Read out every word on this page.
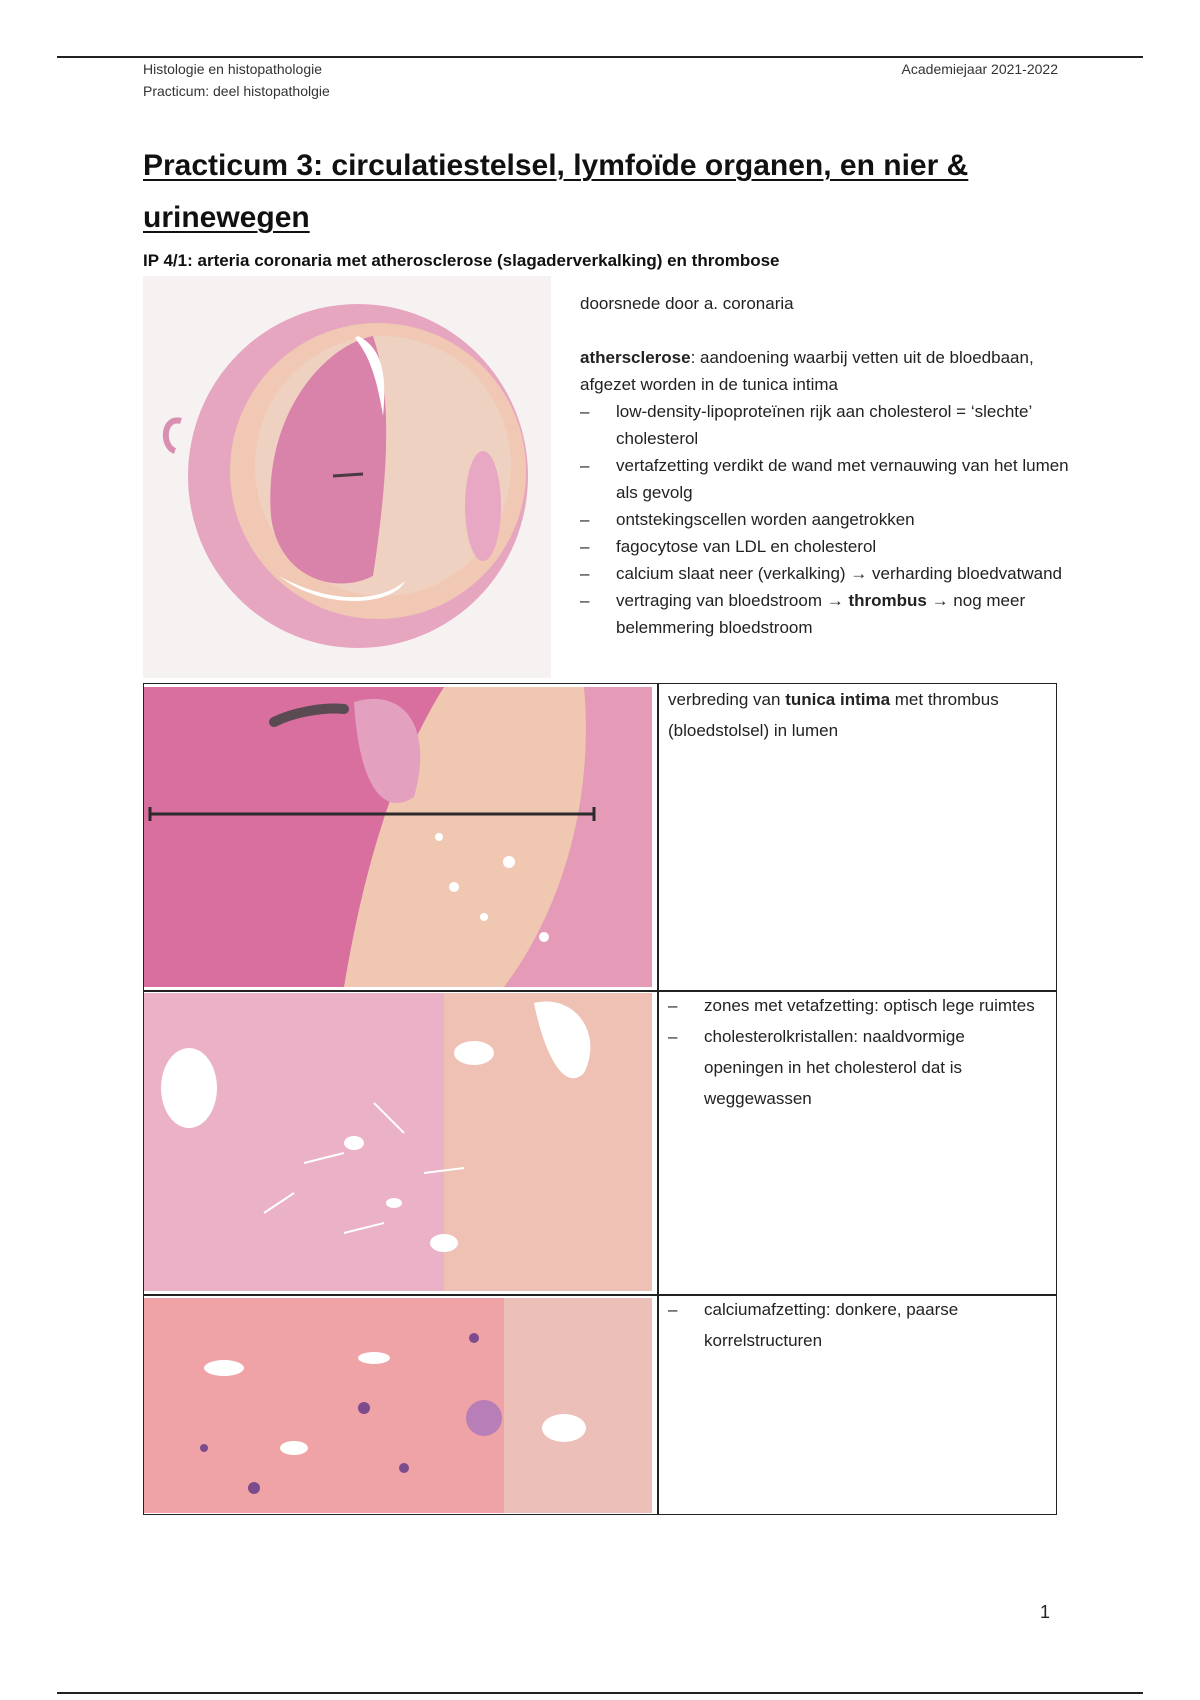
Histologie en histopathologie
Practicum: deel histopatholgie
Academiejaar 2021-2022
Practicum 3: circulatiestelsel, lymfoïde organen, en nier & urinewegen
IP 4/1: arteria coronaria met atherosclerose (slagaderverkalking) en thrombose

doorsnede door a. coronaria

athersclerose: aandoening waarbij vetten uit de bloedbaan, afgezet worden in de tunica intima

– low-density-lipoproteïnen rijk aan cholesterol = ‘slechte’ cholesterol
– vertafzetting verdikt de wand met vernauwing van het lumen als gevolg
– ontstekingscellen worden aangetrokken
– fagocytose van LDL en cholesterol
– calcium slaat neer (verkalking) → verharding bloedvatwand
– vertraging van bloedstroom → thrombus → nog meer belemmering bloedstroom

verbreding van tunica intima met thrombus (bloedstolsel) in lumen

– zones met vetafzetting: optisch lege ruimtes
– cholesterolkristallen: naaldvormige openingen in het cholesterol dat is weggewassen
– calciumafzetting: donkere, paarse korrelstructuren
1
